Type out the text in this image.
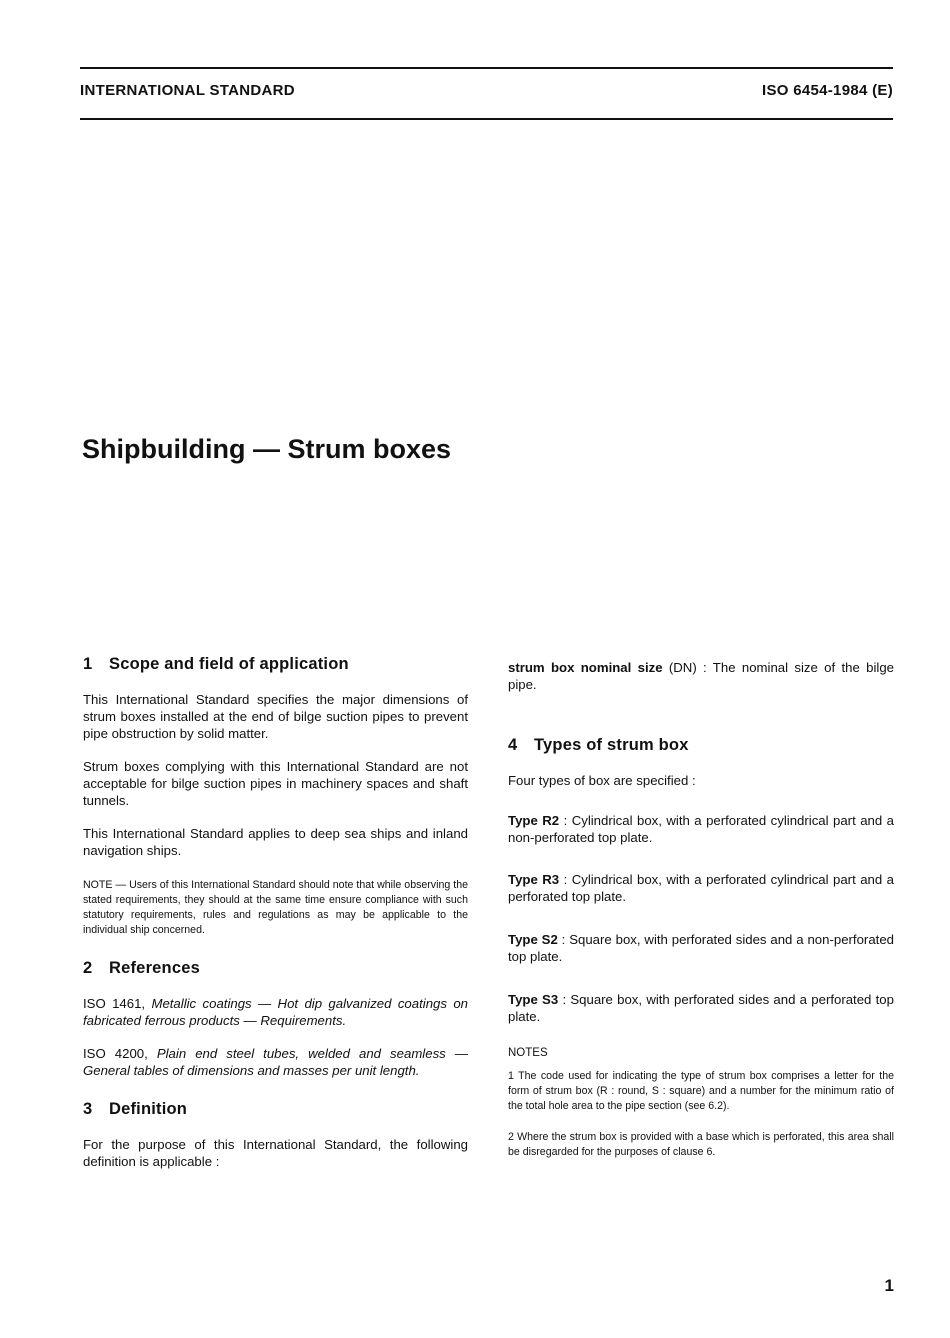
INTERNATIONAL STANDARD	ISO 6454-1984 (E)
Shipbuilding — Strum boxes
1 Scope and field of application

This International Standard specifies the major dimensions of strum boxes installed at the end of bilge suction pipes to prevent pipe obstruction by solid matter.

Strum boxes complying with this International Standard are not acceptable for bilge suction pipes in machinery spaces and shaft tunnels.

This International Standard applies to deep sea ships and inland navigation ships.

NOTE — Users of this International Standard should note that while observing the stated requirements, they should at the same time ensure compliance with such statutory requirements, rules and regulations as may be applicable to the individual ship concerned.

2 References

ISO 1461, Metallic coatings — Hot dip galvanized coatings on fabricated ferrous products — Requirements.

ISO 4200, Plain end steel tubes, welded and seamless — General tables of dimensions and masses per unit length.

3 Definition

For the purpose of this International Standard, the following definition is applicable :

strum box nominal size (DN) : The nominal size of the bilge pipe.

4 Types of strum box

Four types of box are specified :

Type R2 : Cylindrical box, with a perforated cylindrical part and a non-perforated top plate.

Type R3 : Cylindrical box, with a perforated cylindrical part and a perforated top plate.

Type S2 : Square box, with perforated sides and a non-perforated top plate.

Type S3 : Square box, with perforated sides and a perforated top plate.

NOTES

1 The code used for indicating the type of strum box comprises a letter for the form of strum box (R : round, S : square) and a number for the minimum ratio of the total hole area to the pipe section (see 6.2).

2 Where the strum box is provided with a base which is perforated, this area shall be disregarded for the purposes of clause 6.

1
